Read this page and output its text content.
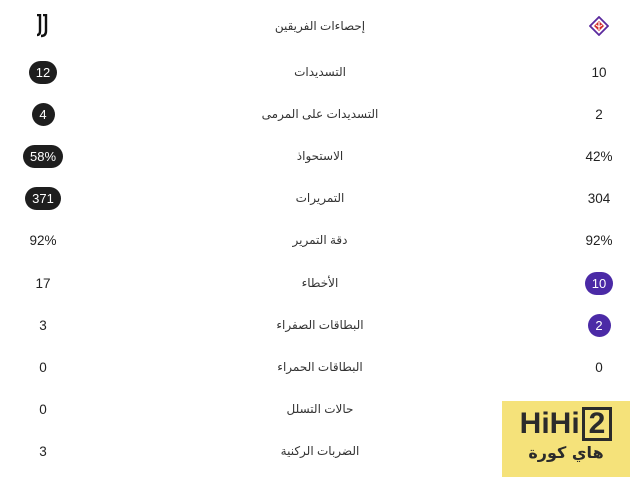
إحصاءات الفريقين
12	التسديدات	10
4	التسديدات على المرمى	2
58%	الاستحواذ	42%
371	التمريرات	304
92%	دقة التمرير	92%
17	الأخطاء	10
3	البطاقات الصفراء	2
0	البطاقات الحمراء	0
0	حالات التسلل
3	الضربات الركنية
HiHi 2
هاي كورة
